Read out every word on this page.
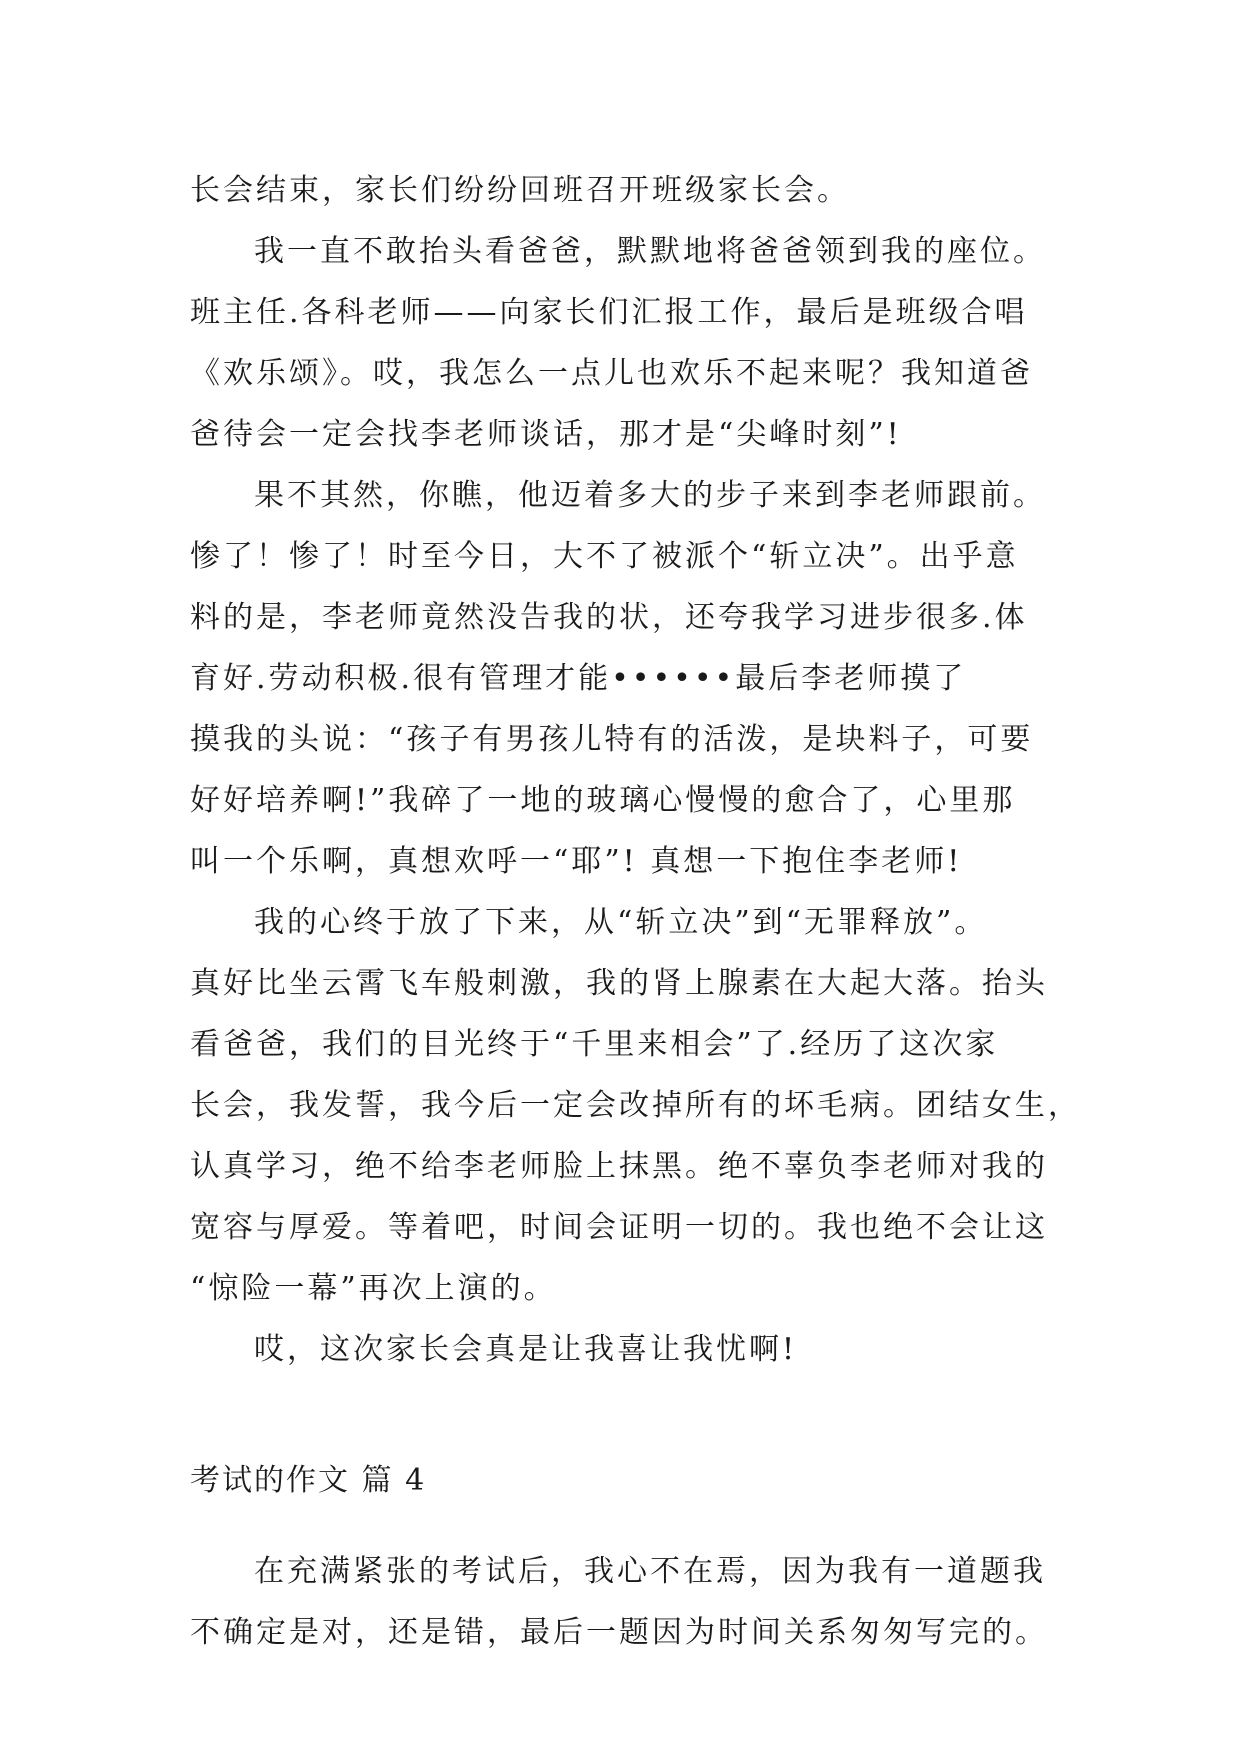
长会结束，家长们纷纷回班召开班级家长会。

我一直不敢抬头看爸爸，默默地将爸爸领到我的座位。

班主任.各科老师——向家长们汇报工作，最后是班级合唱

《欢乐颂》。哎，我怎么一点儿也欢乐不起来呢？我知道爸

爸待会一定会找李老师谈话，那才是“尖峰时刻”!

果不其然，你瞧，他迈着多大的步子来到李老师跟前。

惨了！惨了！时至今日，大不了被派个“斩立决”。出乎意

料的是，李老师竟然没告我的状，还夸我学习进步很多.体

育好.劳动积极.很有管理才能••••••最后李老师摸了

摸我的头说：“孩子有男孩儿特有的活泼，是块料子，可要

好好培养啊!”我碎了一地的玻璃心慢慢的愈合了，心里那

叫一个乐啊，真想欢呼一“耶”! 真想一下抱住李老师!

我的心终于放了下来，从“斩立决”到“无罪释放”。

真好比坐云霄飞车般刺激，我的肾上腺素在大起大落。抬头

看爸爸，我们的目光终于“千里来相会”了.经历了这次家

长会，我发誓，我今后一定会改掉所有的坏毛病。团结女生，

认真学习，绝不给李老师脸上抹黑。绝不辜负李老师对我的

宽容与厚爱。等着吧，时间会证明一切的。我也绝不会让这

“惊险一幕”再次上演的。

哎，这次家长会真是让我喜让我忧啊!

考试的作文 篇 4

在充满紧张的考试后，我心不在焉，因为我有一道题我

不确定是对，还是错，最后一题因为时间关系匆匆写完的。
